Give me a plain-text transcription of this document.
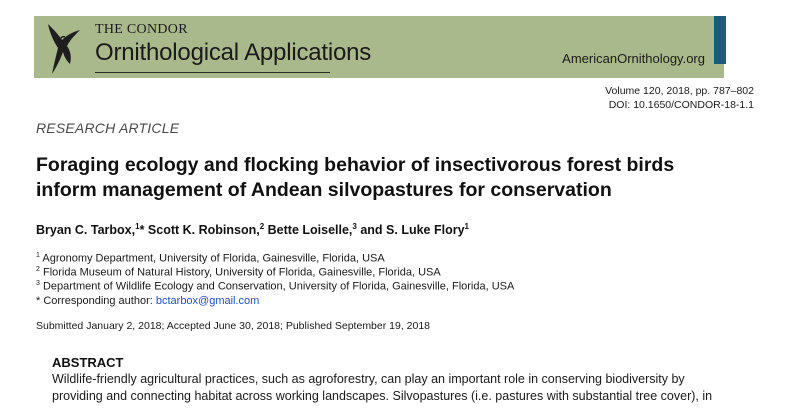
THE CONDOR
Ornithological Applications	AmericanOrnithology.org
Volume 120, 2018, pp. 787–802
DOI: 10.1650/CONDOR-18-1.1
RESEARCH ARTICLE
Foraging ecology and flocking behavior of insectivorous forest birds
inform management of Andean silvopastures for conservation
Bryan C. Tarbox,$^1$* Scott K. Robinson,$^2$ Bette Loiselle,$^3$ and S. Luke Flory$^1$
$^1$ Agronomy Department, University of Florida, Gainesville, Florida, USA
$^2$ Florida Museum of Natural History, University of Florida, Gainesville, Florida, USA
$^3$ Department of Wildlife Ecology and Conservation, University of Florida, Gainesville, Florida, USA
* Corresponding author: bctarbox@gmail.com
Submitted January 2, 2018; Accepted June 30, 2018; Published September 19, 2018
ABSTRACT
Wildlife-friendly agricultural practices, such as agroforestry, can play an important role in conserving biodiversity by
providing and connecting habitat across working landscapes. Silvopastures (i.e. pastures with substantial tree cover), in
